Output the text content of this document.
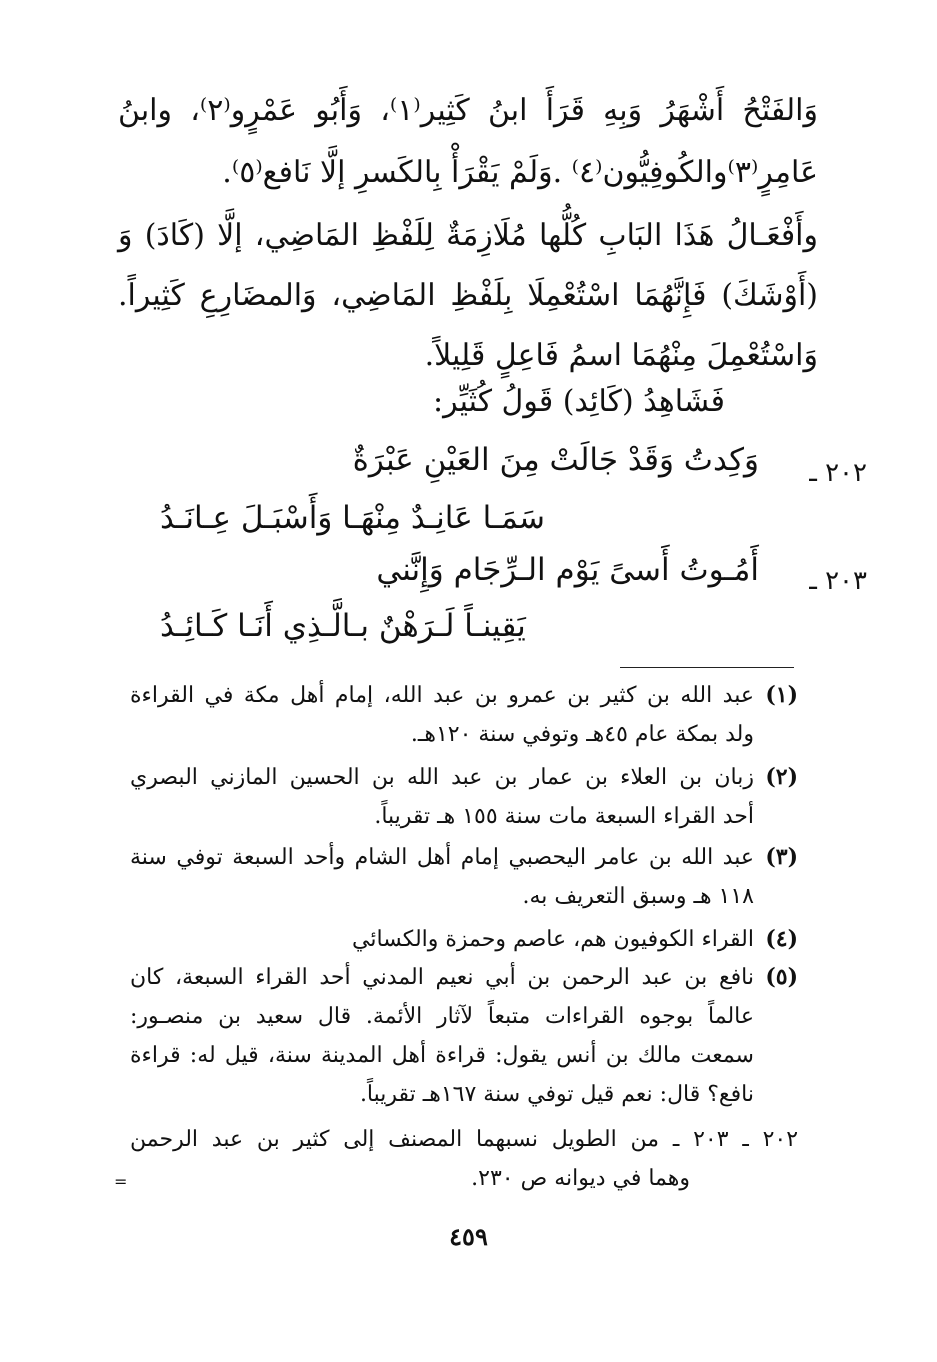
وَالفَتْحُ أَشْهَرُ وَبِهِ قَرَأَ ابنُ كَثِير⁽١⁾، وَأَبُو عَمْرٍو⁽٢⁾، وابنُ
عَامِرٍ⁽٣⁾والكُوفِيُّون⁽٤⁾ .وَلَمْ يَقْرَأْ بِالكَسرِ إلَّا نَافع⁽٥⁾.
وأَفْعَـالُ هَذَا البَابِ كُلُّها مُلَازِمَةٌ لِلَفْظِ المَاضِي، إلَّا (كَادَ) وَ
(أَوْشَكَ) فَإِنَّهُمَا اسْتُعْمِلَا بِلَفْظِ المَاضِي، وَالمضَارِعِ كَثِيراً.
وَاسْتُعْمِلَ مِنْهُمَا اسمُ فَاعِلٍ قَلِيلاً.
فَشَاهِدُ (كَائِد) قَولُ كُثَيِّر:
٢٠٢ ـ
وَكِدتُ وَقَدْ جَالَتْ مِنَ العَيْنِ عَبْرَةٌ
سَمَـا عَانِـدٌ مِنْهَـا وَأَسْبَـلَ عِـانَـدُ
٢٠٣ ـ
أَمُـوتُ أَسىً يَوْم الـرِّجَام وَإِنَّني
يَقِينـاً لَـرَهْنٌ بـالَّـذِي أَنَـا كَـائِـدُ
(١)
عبد الله بن كثير بن عمرو بن عبد الله، إمام أهل مكة في القراءة
ولد بمكة عام ٤٥هـ وتوفي سنة ١٢٠هـ.
(٢)
زبان بن العلاء بن عمار بن عبد الله بن الحسين المازني البصري
أحد القراء السبعة مات سنة ١٥٥ هـ تقريباً.
(٣)
عبد الله بن عامر اليحصبي إمام أهل الشام وأحد السبعة توفي سنة
١١٨ هـ وسبق التعريف به.
(٤)
القراء الكوفيون هم، عاصم وحمزة والكسائي
(٥)
نافع بن عبد الرحمن بن أبي نعيم المدني أحد القراء السبعة، كان
عالماً بوجوه القراءات متبعاً لآثار الأئمة. قال سعيد بن منصـور:
سمعت مالك بن أنس يقول: قراءة أهل المدينة سنة، قيل له: قراءة
نافع؟ قال: نعم قيل توفي سنة ١٦٧هـ تقريباً.
٢٠٢ ـ ٢٠٣ ـ من الطويل نسبهما المصنف إلى كثير بن عبد الرحمن
وهما في ديوانه ص ٢٣٠.
=
٤٥٩
